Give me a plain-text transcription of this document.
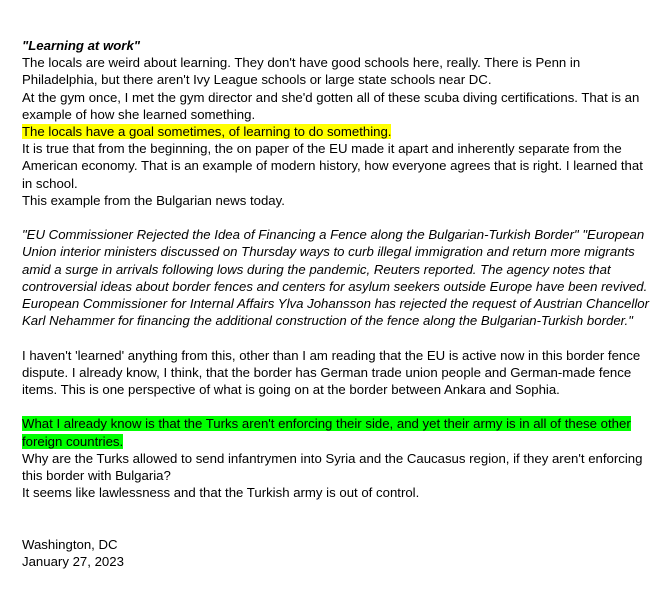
"Learning at work"

The locals are weird about learning. They don't have good schools here, really. There is Penn in Philadelphia, but there aren't Ivy League schools or large state schools near DC.

At the gym once, I met the gym director and she'd gotten all of these scuba diving certifications. That is an example of how she learned something.

The locals have a goal sometimes, of learning to do something.

It is true that from the beginning, the on paper of the EU made it apart and inherently separate from the American economy. That is an example of modern history, how everyone agrees that is right. I learned that in school.

This example from the Bulgarian news today.

"EU Commissioner Rejected the Idea of Financing a Fence along the Bulgarian-Turkish Border" "European Union interior ministers discussed on Thursday ways to curb illegal immigration and return more migrants amid a surge in arrivals following lows during the pandemic, Reuters reported. The agency notes that controversial ideas about border fences and centers for asylum seekers outside Europe have been revived. European Commissioner for Internal Affairs Ylva Johansson has rejected the request of Austrian Chancellor Karl Nehammer for financing the additional construction of the fence along the Bulgarian-Turkish border."

I haven't 'learned' anything from this, other than I am reading that the EU is active now in this border fence dispute. I already know, I think, that the border has German trade union people and German-made fence items. This is one perspective of what is going on at the border between Ankara and Sophia.

What I already know is that the Turks aren't enforcing their side, and yet their army is in all of these other foreign countries.

Why are the Turks allowed to send infantrymen into Syria and the Caucasus region, if they aren't enforcing this border with Bulgaria?

It seems like lawlessness and that the Turkish army is out of control.

Washington, DC

January 27, 2023
